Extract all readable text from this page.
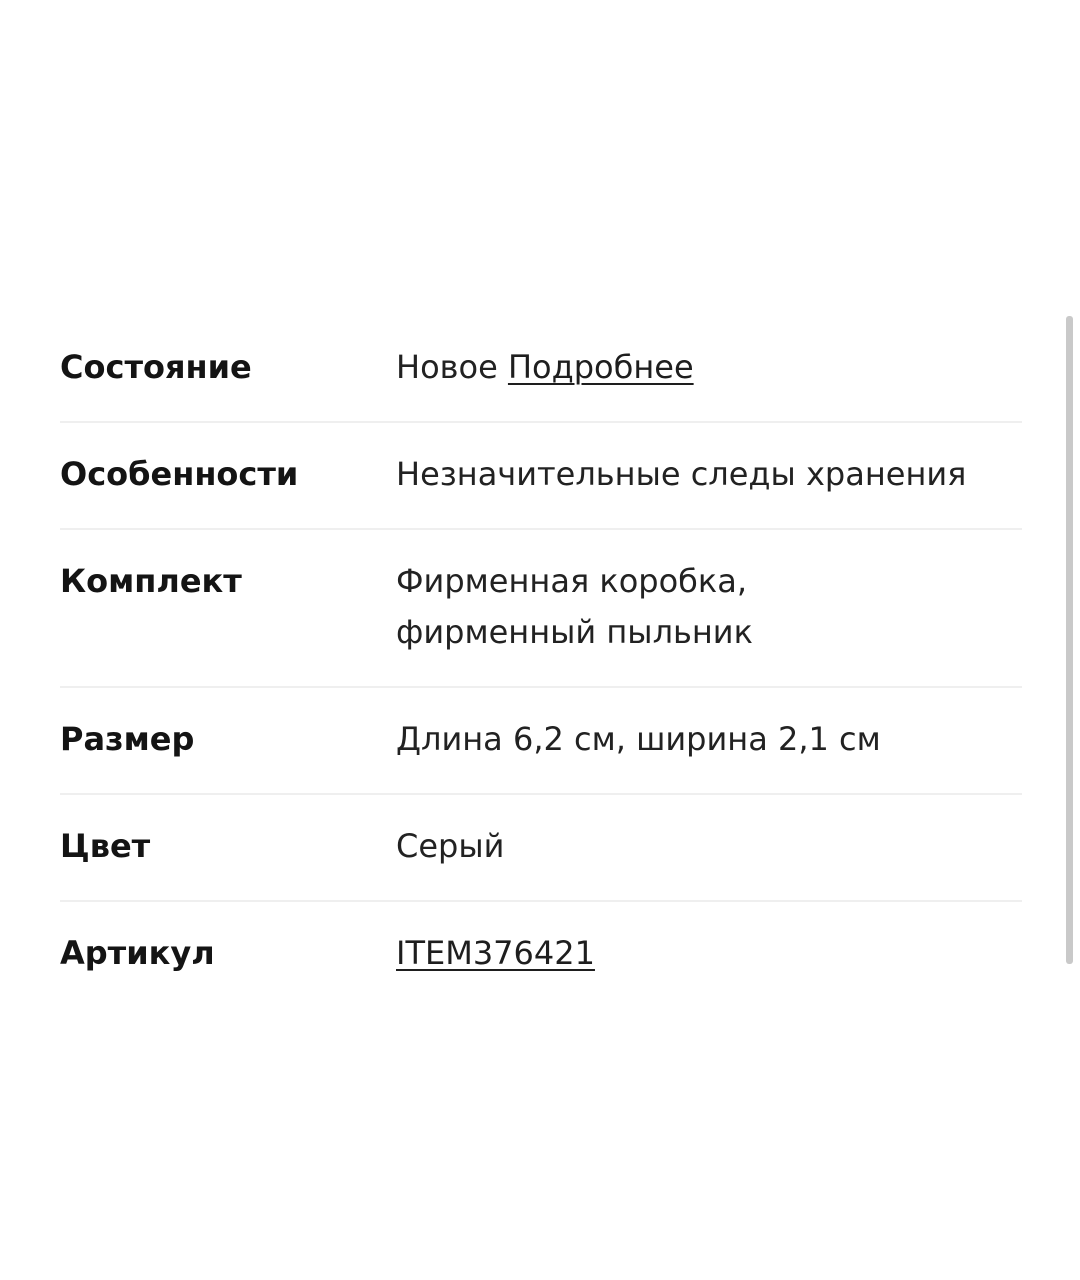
Состояние	Новое Подробнее
Особенности	Незначительные следы хранения
Комплект	Фирменная коробка,
фирменный пыльник
Размер	Длина 6,2 см, ширина 2,1 см
Цвет	Серый
Артикул	ITEM376421
